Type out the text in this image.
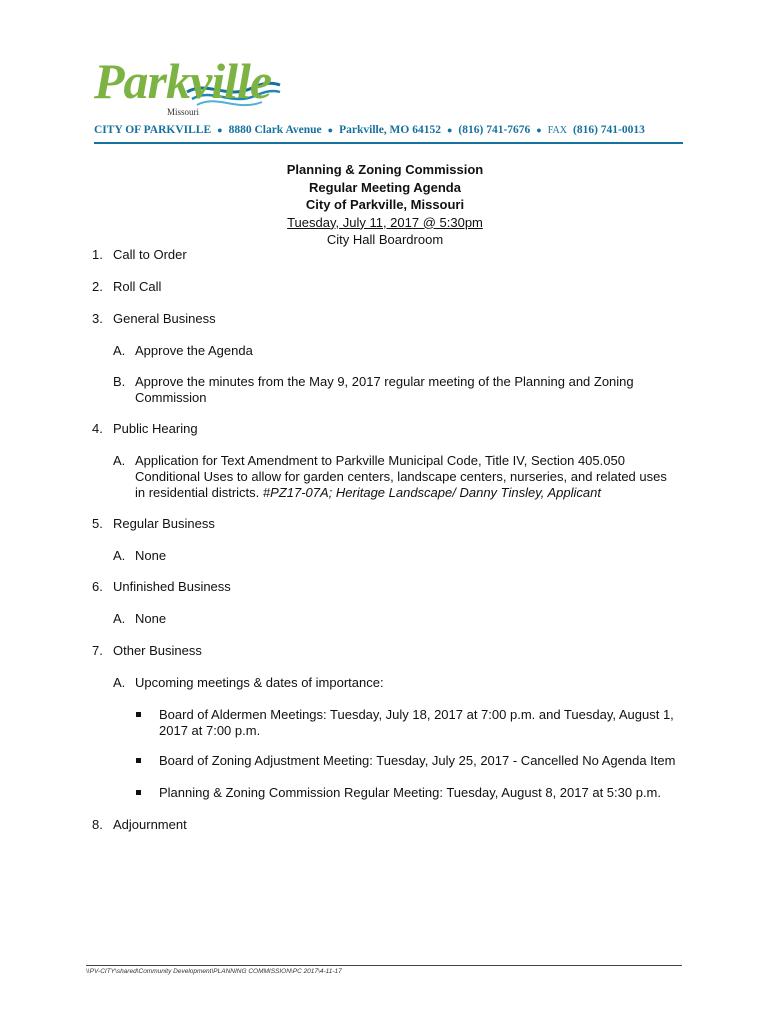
Parkville
Missouri
CITY OF PARKVILLE ● 8880 Clark Avenue ● Parkville, MO 64152 ● (816) 741-7676 ● FAX (816) 741-0013
Planning & Zoning Commission
Regular Meeting Agenda
City of Parkville, Missouri
Tuesday, July 11, 2017 @ 5:30pm
City Hall Boardroom
1. Call to Order
2. Roll Call
3. General Business
A. Approve the Agenda
B. Approve the minutes from the May 9, 2017 regular meeting of the Planning and Zoning
Commission
4. Public Hearing
A. Application for Text Amendment to Parkville Municipal Code, Title IV, Section 405.050
Conditional Uses to allow for garden centers, landscape centers, nurseries, and related uses
in residential districts. #PZ17-07A; Heritage Landscape/ Danny Tinsley, Applicant
5. Regular Business
A. None
6. Unfinished Business
A. None
7. Other Business
A. Upcoming meetings & dates of importance:
Board of Aldermen Meetings: Tuesday, July 18, 2017 at 7:00 p.m. and Tuesday, August 1,
2017 at 7:00 p.m.
Board of Zoning Adjustment Meeting: Tuesday, July 25, 2017 - Cancelled No Agenda Item
Planning & Zoning Commission Regular Meeting: Tuesday, August 8, 2017 at 5:30 p.m.
8. Adjournment
\\PV-CITY\shared\Community Development\PLANNING COMMISSION\PC 2017\4-11-17
